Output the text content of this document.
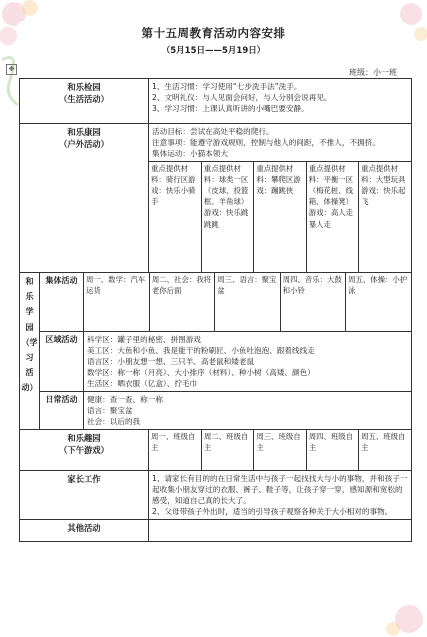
第十五周教育活动内容安排
（5月15日——5月19日）
✥	班级：小一班
和乐检园
（生活活动）

1、生活习惯：学习使用“七步洗手法”洗手。
2、文明礼仪：与人见面会问好，与人分别会说再见。
3、学习习惯：上课认真听讲的小嘴巴要安静。

和乐康园
（户外活动）

活动目标：尝试在高处平稳的爬行。
注意事项：能遵守游戏规则，控制与他人的间距，不推人，不拥挤。
集体运动：小猫本领大
重点提供材料：骑行区游戏：快乐小骑手	重点提供材料：球类一区（皮球、投篮框、羊角球）游戏：快乐跳跳跳	重点提供材料：攀爬区游戏：蹦跳侠	重点提供材料：平衡一区（梅花桩、线箱、体操凳）游戏：高人走暴人走	重点提供材料：大型玩具游戏：快乐起飞

和
乐
学
园
（学
习
活动）
	集体活动	周一、数学：汽车运货	周二、社会：我将老你后面	周三、语言：聚宝盆	周四、音乐：大鼓和小铃	周五、体操：小护泳

区域活动	科学区：罐子里的秘密、拼图游戏
美工区：大鱼和小鱼、我是能干的粉刷匠、小鱼吐泡泡、跟着线线走
语言区：小朋友想一想、三只羊、高老鼠和矮老鼠
数学区：称一称（月亮）、大小排序（材料）、种小树（高矮、颜色）
生活区：晒衣服（亿盒）、拧毛巾

日常活动	健康：查一查、称一称
语言：聚宝盆
社会：以后的我

和乐趣园
（下午游戏）

周一、班级自主	周二、班级自主	周三、班级自主	周四、班级自主	周五、班级自主

家长工作	1、请家长有目的的在日常生活中与孩子一起找找大与小的事物，并和孩子一起收集小朋友穿过的衣服、裤子、鞋子等，让孩子穿一穿，感知源和宽松的感受，知道自己真的长大了。
2、父母带孩子外出时，适当的引导孩子观察各种关于大小相对的事物。

其他活动	
